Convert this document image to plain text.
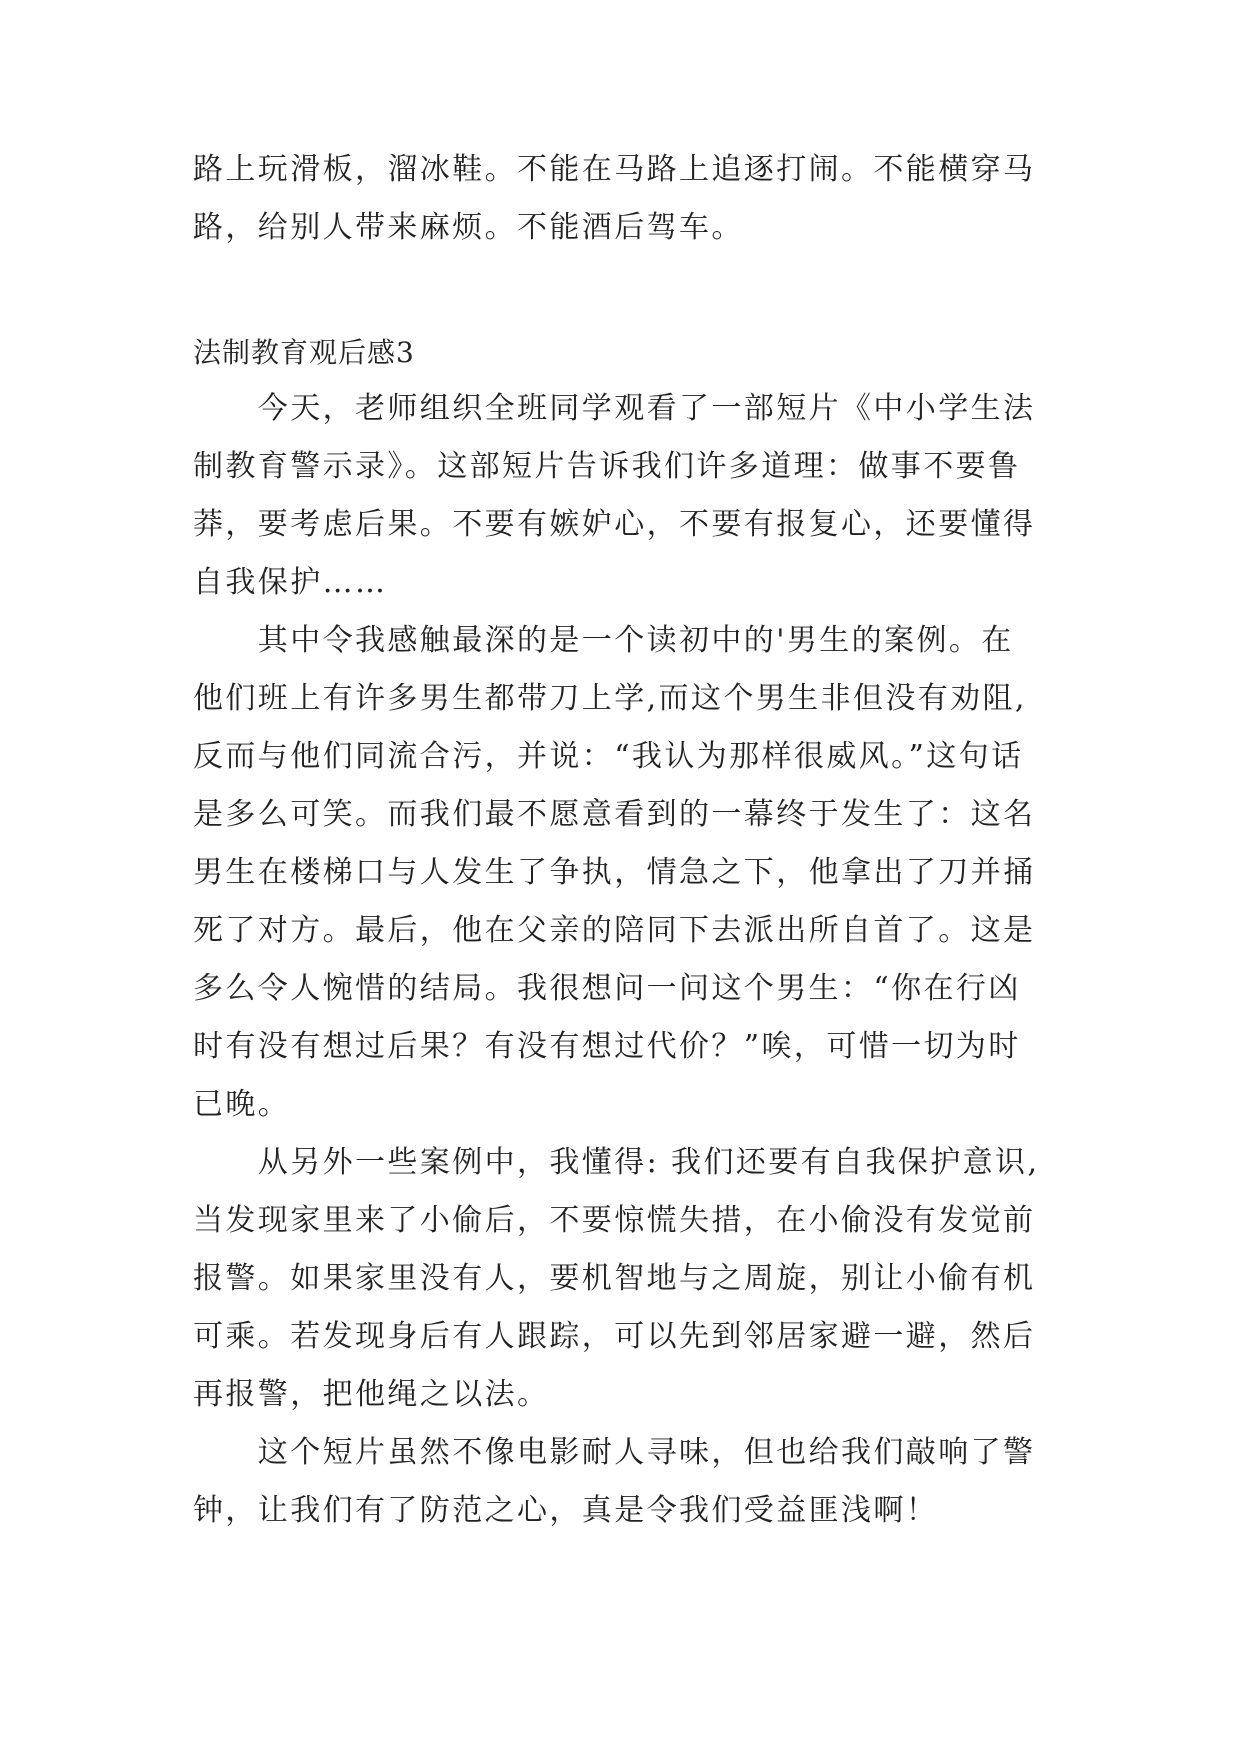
路上玩滑板，溜冰鞋。不能在马路上追逐打闹。不能横穿马

路，给别人带来麻烦。不能酒后驾车。

法制教育观后感3

　　今天，老师组织全班同学观看了一部短片《中小学生法

制教育警示录》。这部短片告诉我们许多道理：做事不要鲁

莽，要考虑后果。不要有嫉妒心，不要有报复心，还要懂得

自我保护……

　　其中令我感触最深的是一个读初中的'男生的案例。在

他们班上有许多男生都带刀上学,而这个男生非但没有劝阻,

反而与他们同流合污，并说：“我认为那样很威风。”这句话

是多么可笑。而我们最不愿意看到的一幕终于发生了：这名

男生在楼梯口与人发生了争执，情急之下，他拿出了刀并捅

死了对方。最后，他在父亲的陪同下去派出所自首了。这是

多么令人惋惜的结局。我很想问一问这个男生：“你在行凶

时有没有想过后果？有没有想过代价？”唉，可惜一切为时

已晚。

　　从另外一些案例中，我懂得: 我们还要有自我保护意识,

当发现家里来了小偷后，不要惊慌失措，在小偷没有发觉前

报警。如果家里没有人，要机智地与之周旋，别让小偷有机

可乘。若发现身后有人跟踪，可以先到邻居家避一避，然后

再报警，把他绳之以法。

　　这个短片虽然不像电影耐人寻味，但也给我们敲响了警

钟，让我们有了防范之心，真是令我们受益匪浅啊！
